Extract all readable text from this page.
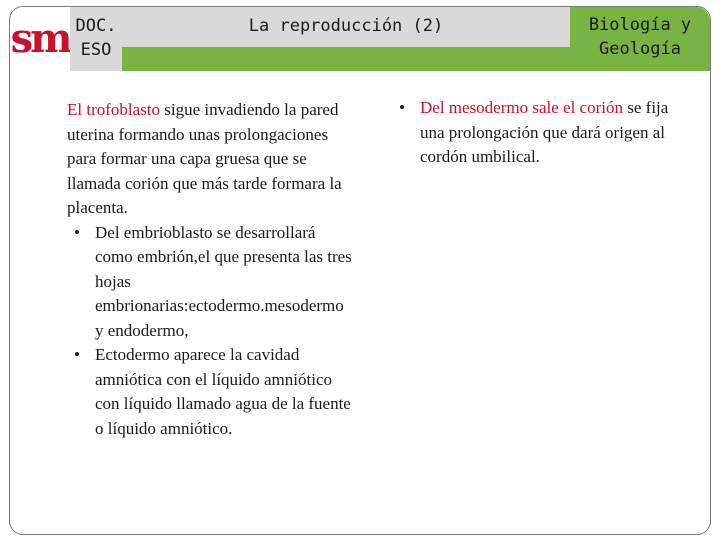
sm DOC.
ESO
La reproducción (2)	Biología y
Geología

El trofoblasto sigue invadiendo la pared uterina formando unas prolongaciones para formar una capa gruesa que se llamada corión que más tarde formara la placenta.

• Del embrioblasto se desarrollará como embrión,el que presenta las tres hojas embrionarias:ectodermo.mesodermo y endodermo,
• Ectodermo aparece la cavidad amniótica con el líquido amniótico con líquido llamado agua de la fuente o líquido amniótico.
• Del mesodermo sale el corión se fija una prolongación que dará origen al cordón umbilical.
